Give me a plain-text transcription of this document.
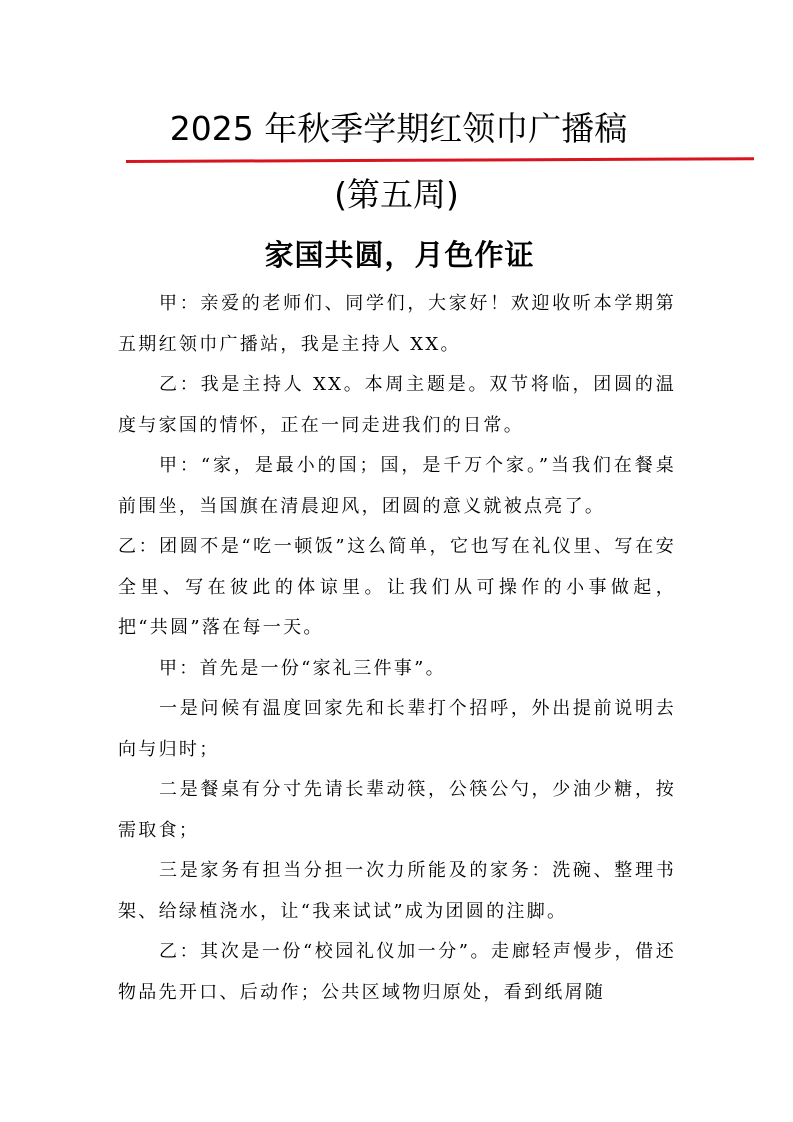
2025 年秋季学期红领巾广播稿
(第五周)
家国共圆，月色作证

甲：亲爱的老师们、同学们，大家好！欢迎收听本学期第五期红领巾广播站，我是主持人 XX。

乙：我是主持人 XX。本周主题是。双节将临，团圆的温度与家国的情怀，正在一同走进我们的日常。

甲：“家，是最小的国；国，是千万个家。”当我们在餐桌前围坐，当国旗在清晨迎风，团圆的意义就被点亮了。

乙：团圆不是“吃一顿饭”这么简单，它也写在礼仪里、写在安全里、写在彼此的体谅里。让我们从可操作的小事做起，把“共圆”落在每一天。

甲：首先是一份“家礼三件事”。

一是问候有温度回家先和长辈打个招呼，外出提前说明去向与归时；

二是餐桌有分寸先请长辈动筷，公筷公勺，少油少糖，按需取食；

三是家务有担当分担一次力所能及的家务：洗碗、整理书架、给绿植浇水，让“我来试试”成为团圆的注脚。

乙：其次是一份“校园礼仪加一分”。走廊轻声慢步，借还物品先开口、后动作；公共区域物归原处，看到纸屑随
